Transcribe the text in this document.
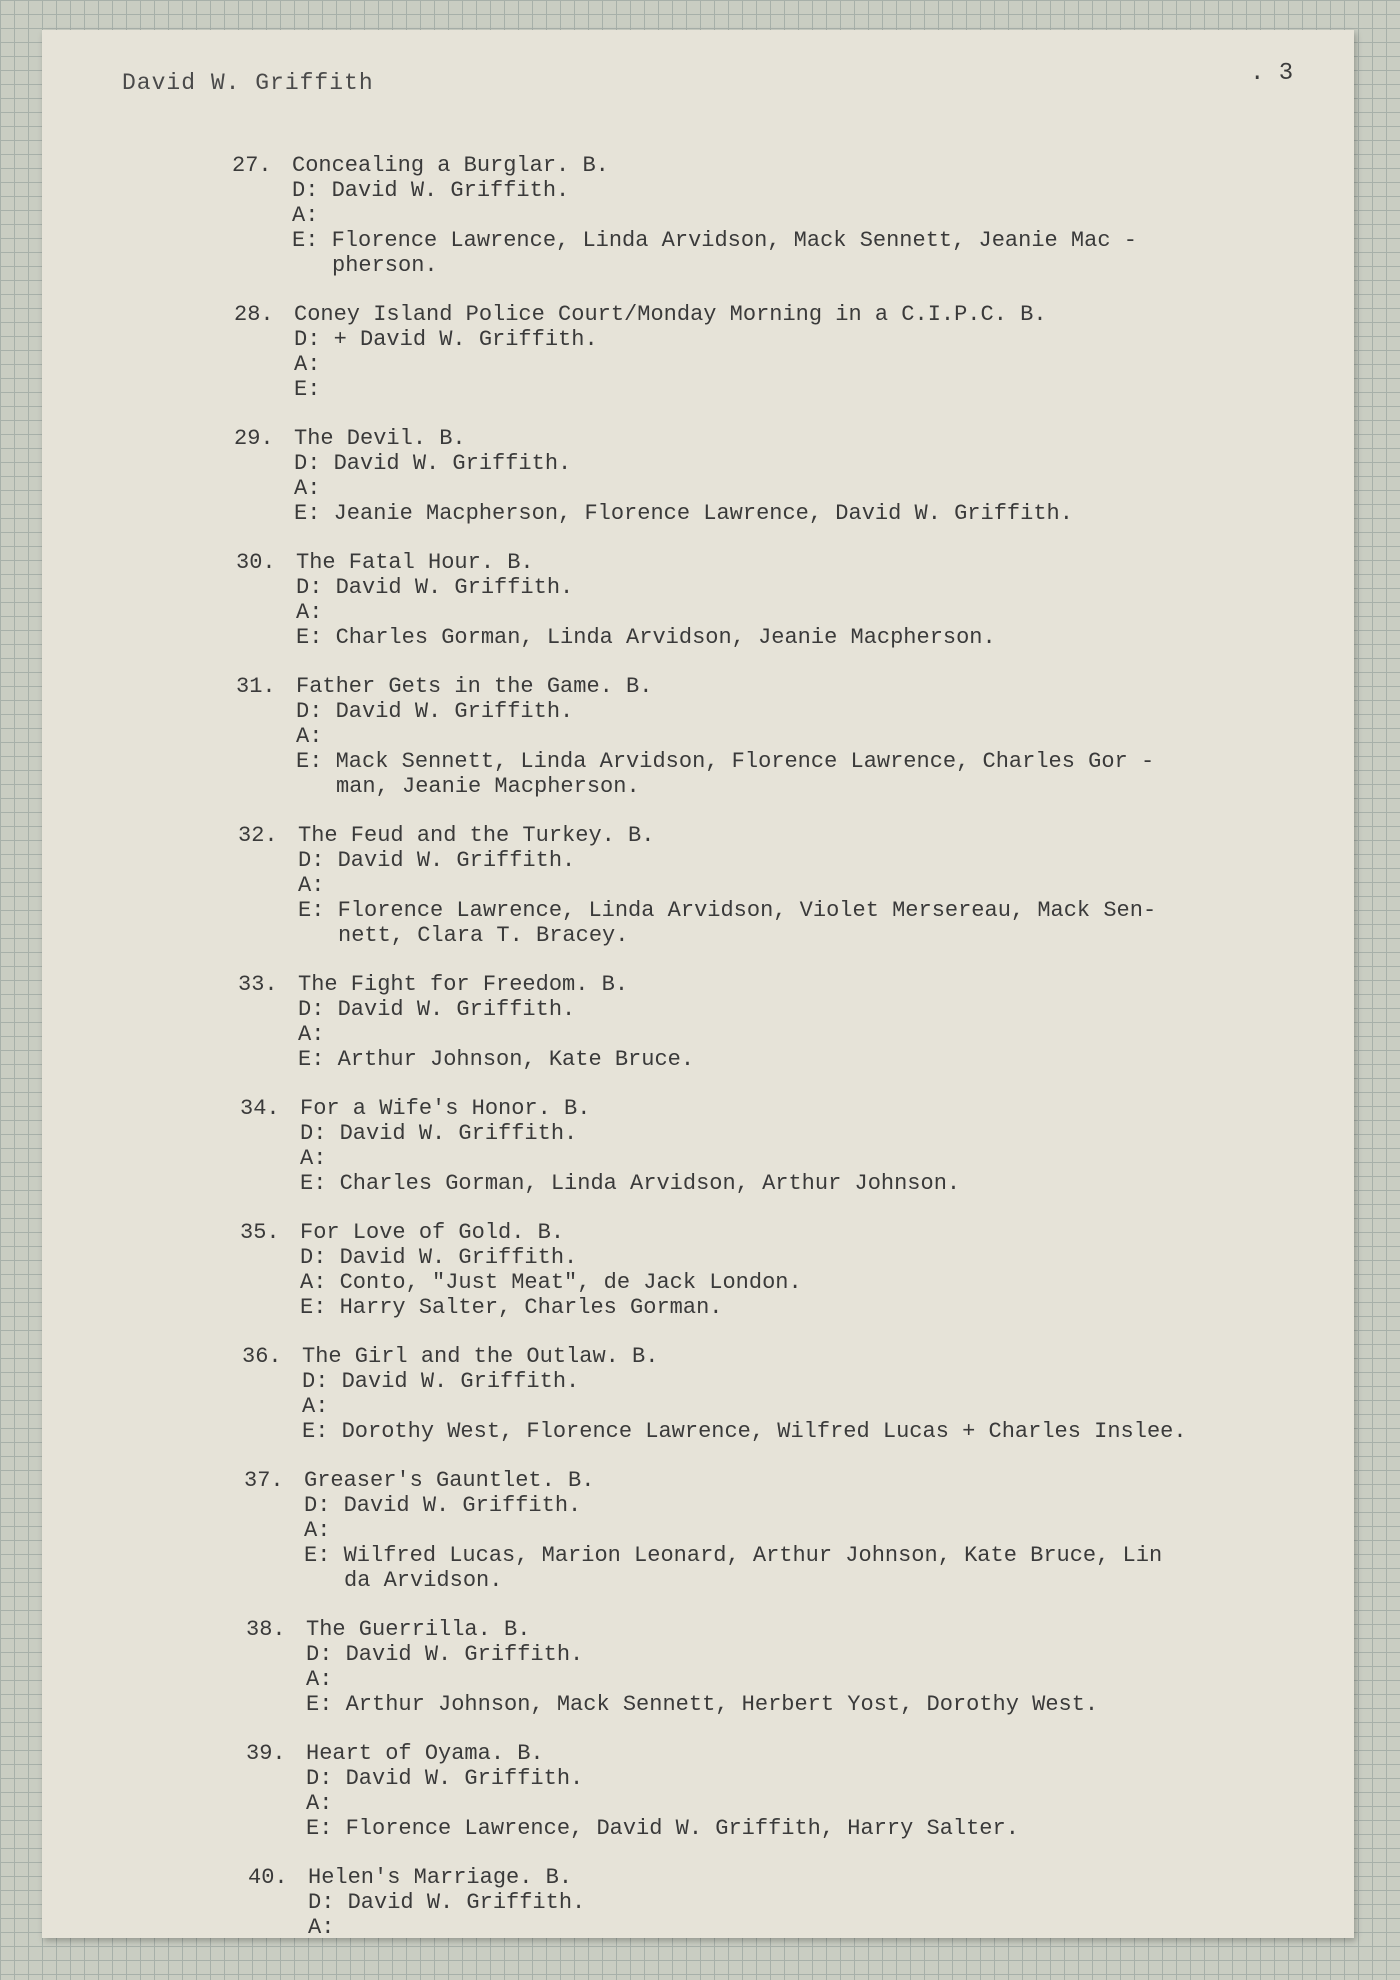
David W. Griffith	. 3
27. Concealing a Burglar. B.
D: David W. Griffith.
A:
E: Florence Lawrence, Linda Arvidson, Mack Sennett, Jeanie Mac -
pherson.
28. Coney Island Police Court/Monday Morning in a C.I.P.C. B.
D: + David W. Griffith.
A:
E:
29. The Devil. B.
D: David W. Griffith.
A:
E: Jeanie Macpherson, Florence Lawrence, David W. Griffith.
30. The Fatal Hour. B.
D: David W. Griffith.
A:
E: Charles Gorman, Linda Arvidson, Jeanie Macpherson.
31. Father Gets in the Game. B.
D: David W. Griffith.
A:
E: Mack Sennett, Linda Arvidson, Florence Lawrence, Charles Gor -
man, Jeanie Macpherson.
32. The Feud and the Turkey. B.
D: David W. Griffith.
A:
E: Florence Lawrence, Linda Arvidson, Violet Mersereau, Mack Sen-
nett, Clara T. Bracey.
33. The Fight for Freedom. B.
D: David W. Griffith.
A:
E: Arthur Johnson, Kate Bruce.
34. For a Wife's Honor. B.
D: David W. Griffith.
A:
E: Charles Gorman, Linda Arvidson, Arthur Johnson.
35. For Love of Gold. B.
D: David W. Griffith.
A: Conto, "Just Meat", de Jack London.
E: Harry Salter, Charles Gorman.
36. The Girl and the Outlaw. B.
D: David W. Griffith.
A:
E: Dorothy West, Florence Lawrence, Wilfred Lucas + Charles Inslee.
37. Greaser's Gauntlet. B.
D: David W. Griffith.
A:
E: Wilfred Lucas, Marion Leonard, Arthur Johnson, Kate Bruce, Lin
da Arvidson.
38. The Guerrilla. B.
D: David W. Griffith.
A:
E: Arthur Johnson, Mack Sennett, Herbert Yost, Dorothy West.
39. Heart of Oyama. B.
D: David W. Griffith.
A:
E: Florence Lawrence, David W. Griffith, Harry Salter.
40. Helen's Marriage. B.
D: David W. Griffith.
A:
